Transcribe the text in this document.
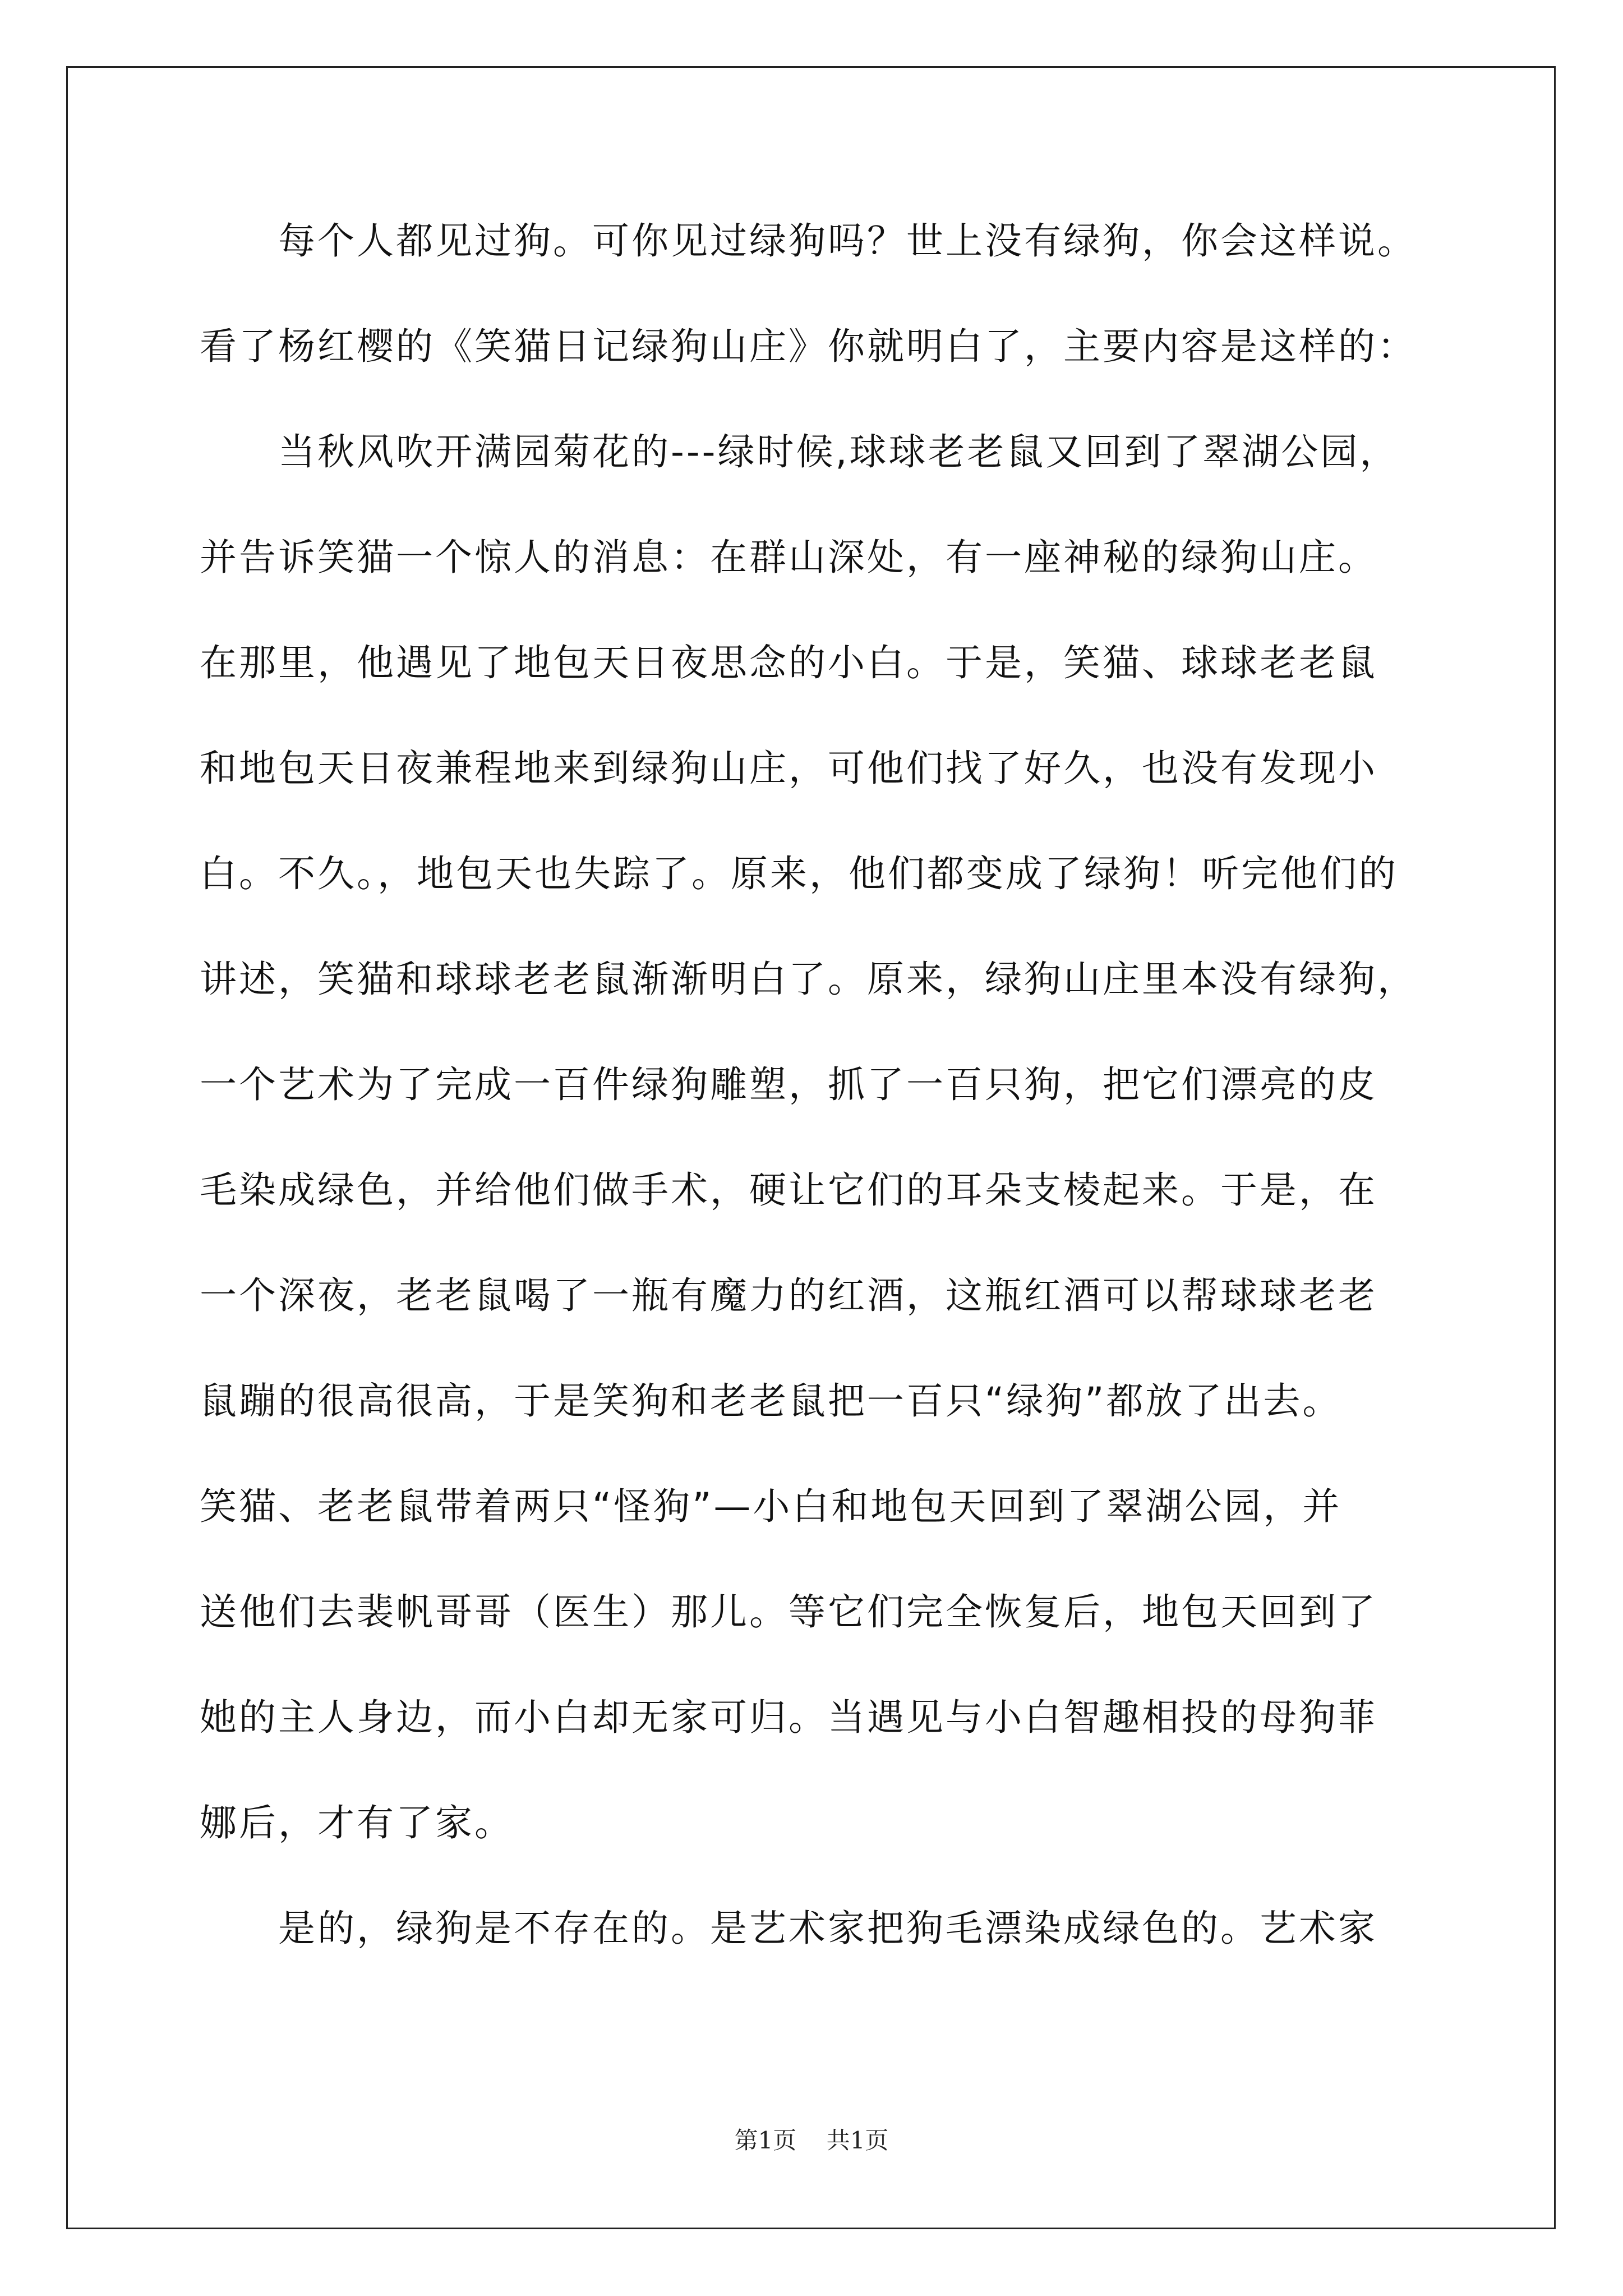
　　每个人都见过狗。可你见过绿狗吗？世上没有绿狗，你会这样说。
看了杨红樱的《笑猫日记绿狗山庄》你就明白了，主要内容是这样的：
　　当秋风吹开满园菊花的---绿时候,球球老老鼠又回到了翠湖公园，
并告诉笑猫一个惊人的消息：在群山深处，有一座神秘的绿狗山庄。
在那里，他遇见了地包天日夜思念的小白。于是，笑猫、球球老老鼠
和地包天日夜兼程地来到绿狗山庄，可他们找了好久，也没有发现小
白。不久。，地包天也失踪了。原来，他们都变成了绿狗！听完他们的
讲述，笑猫和球球老老鼠渐渐明白了。原来，绿狗山庄里本没有绿狗，
一个艺术为了完成一百件绿狗雕塑，抓了一百只狗，把它们漂亮的皮
毛染成绿色，并给他们做手术，硬让它们的耳朵支棱起来。于是，在
一个深夜，老老鼠喝了一瓶有魔力的红酒，这瓶红酒可以帮球球老老
鼠蹦的很高很高，于是笑狗和老老鼠把一百只“绿狗”都放了出去。
笑猫、老老鼠带着两只“怪狗”—小白和地包天回到了翠湖公园，并
送他们去裴帆哥哥（医生）那儿。等它们完全恢复后，地包天回到了
她的主人身边，而小白却无家可归。当遇见与小白智趣相投的母狗菲
娜后，才有了家。
　　是的，绿狗是不存在的。是艺术家把狗毛漂染成绿色的。艺术家
第1页 共1页
